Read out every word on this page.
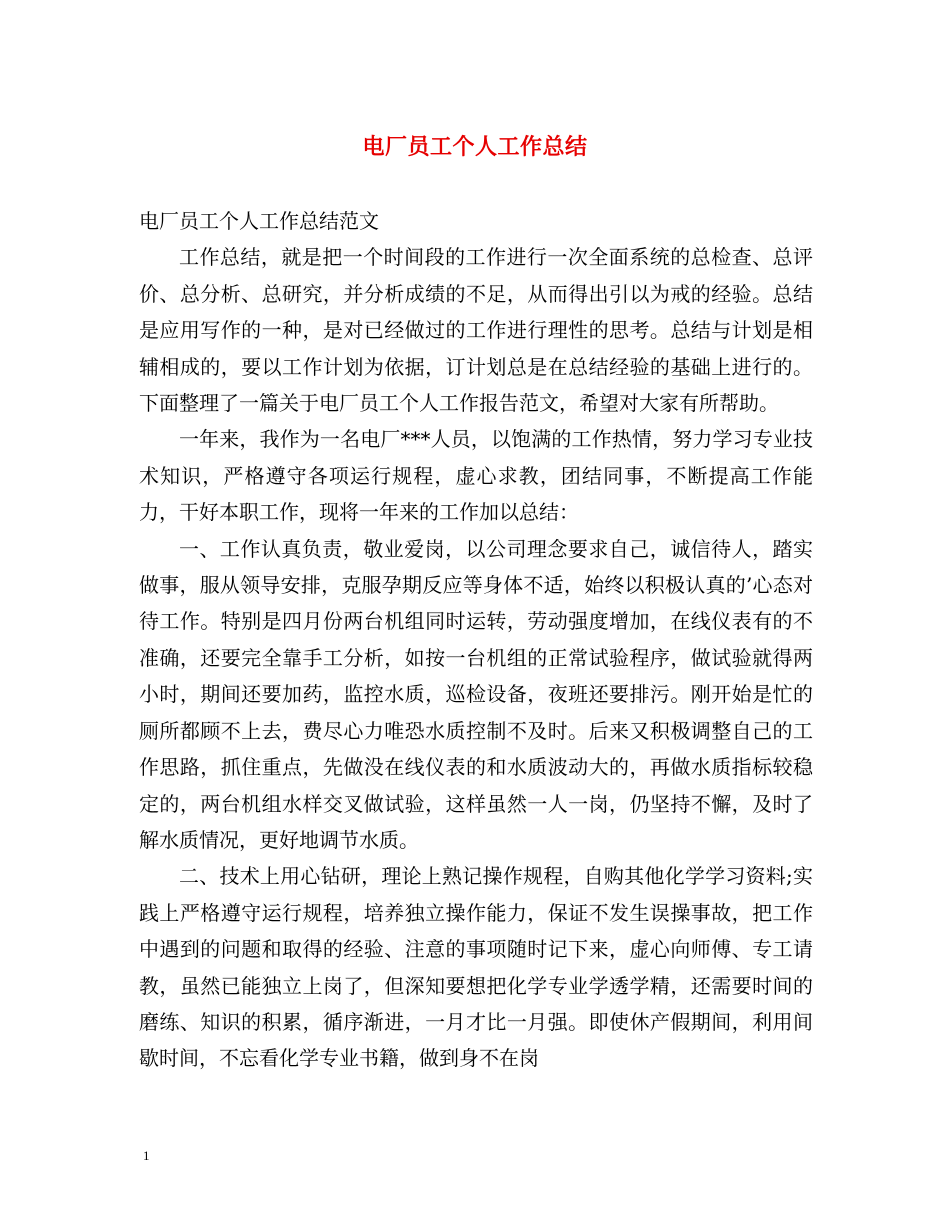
电厂员工个人工作总结

电厂员工个人工作总结范文

工作总结，就是把一个时间段的工作进行一次全面系统的总检查、总评价、总分析、总研究，并分析成绩的不足，从而得出引以为戒的经验。总结是应用写作的一种，是对已经做过的工作进行理性的思考。总结与计划是相辅相成的，要以工作计划为依据，订计划总是在总结经验的基础上进行的。下面整理了一篇关于电厂员工个人工作报告范文，希望对大家有所帮助。

一年来，我作为一名电厂***人员，以饱满的工作热情，努力学习专业技术知识，严格遵守各项运行规程，虚心求教，团结同事，不断提高工作能力，干好本职工作，现将一年来的工作加以总结：

一、工作认真负责，敬业爱岗，以公司理念要求自己，诚信待人，踏实做事，服从领导安排，克服孕期反应等身体不适，始终以积极认真的’心态对待工作。特别是四月份两台机组同时运转，劳动强度增加，在线仪表有的不准确，还要完全靠手工分析，如按一台机组的正常试验程序，做试验就得两小时，期间还要加药，监控水质，巡检设备，夜班还要排污。刚开始是忙的厕所都顾不上去，费尽心力唯恐水质控制不及时。后来又积极调整自己的工作思路，抓住重点，先做没在线仪表的和水质波动大的，再做水质指标较稳定的，两台机组水样交叉做试验，这样虽然一人一岗，仍坚持不懈，及时了解水质情况，更好地调节水质。

二、技术上用心钻研，理论上熟记操作规程，自购其他化学学习资料;实践上严格遵守运行规程，培养独立操作能力，保证不发生误操事故，把工作中遇到的问题和取得的经验、注意的事项随时记下来，虚心向师傅、专工请教，虽然已能独立上岗了，但深知要想把化学专业学透学精，还需要时间的磨练、知识的积累，循序渐进，一月才比一月强。即使休产假期间，利用间歇时间，不忘看化学专业书籍，做到身不在岗

1
